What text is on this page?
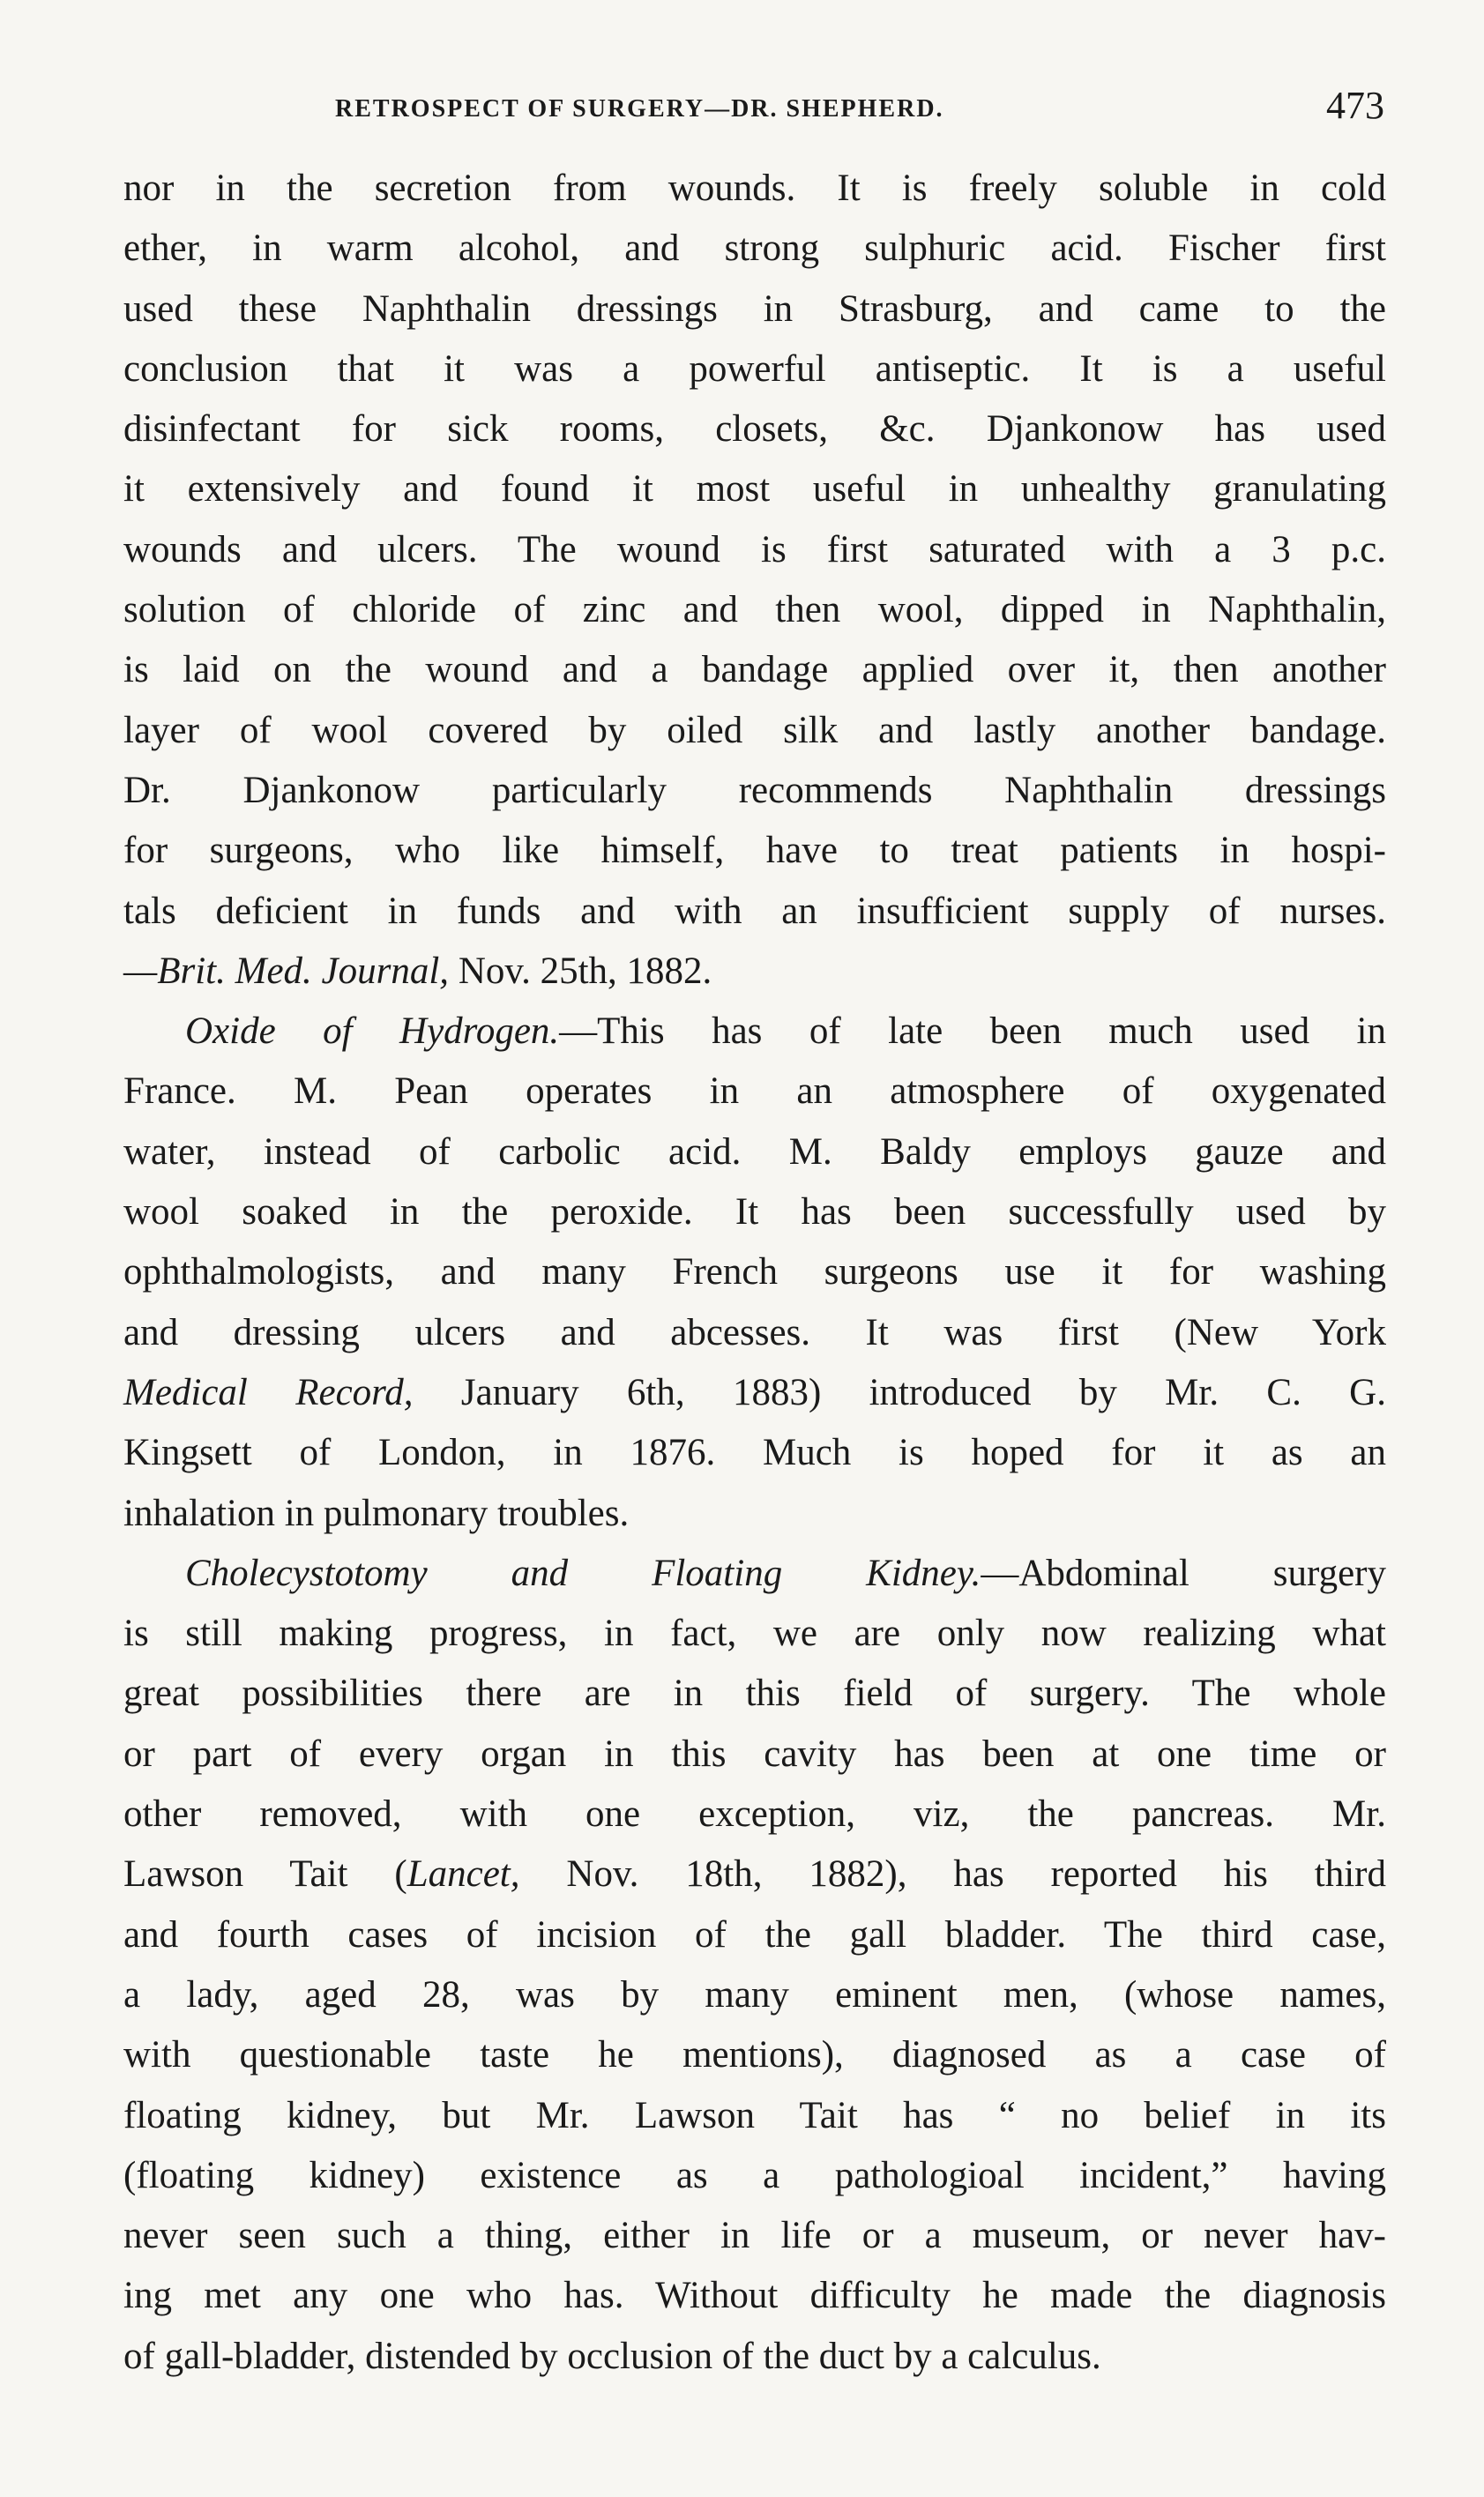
RETROSPECT OF SURGERY—DR. SHEPHERD.	473
nor in the secretion from wounds. It is freely soluble in cold
ether, in warm alcohol, and strong sulphuric acid. Fischer first
used these Naphthalin dressings in Strasburg, and came to the
conclusion that it was a powerful antiseptic. It is a useful
disinfectant for sick rooms, closets, &c. Djankonow has used
it extensively and found it most useful in unhealthy granulating
wounds and ulcers. The wound is first saturated with a 3 p.c.
solution of chloride of zinc and then wool, dipped in Naphthalin,
is laid on the wound and a bandage applied over it, then another
layer of wool covered by oiled silk and lastly another bandage.
Dr. Djankonow particularly recommends Naphthalin dressings
for surgeons, who like himself, have to treat patients in hospi-
tals deficient in funds and with an insufficient supply of nurses.
—Brit. Med. Journal, Nov. 25th, 1882.
Oxide of Hydrogen.—This has of late been much used in
France. M. Pean operates in an atmosphere of oxygenated
water, instead of carbolic acid. M. Baldy employs gauze and
wool soaked in the peroxide. It has been successfully used by
ophthalmologists, and many French surgeons use it for washing
and dressing ulcers and abcesses. It was first (New York
Medical Record, January 6th, 1883) introduced by Mr. C. G.
Kingsett of London, in 1876. Much is hoped for it as an
inhalation in pulmonary troubles.
Cholecystotomy and Floating Kidney.—Abdominal surgery
is still making progress, in fact, we are only now realizing what
great possibilities there are in this field of surgery. The whole
or part of every organ in this cavity has been at one time or
other removed, with one exception, viz, the pancreas. Mr.
Lawson Tait (Lancet, Nov. 18th, 1882), has reported his third
and fourth cases of incision of the gall bladder. The third case,
a lady, aged 28, was by many eminent men, (whose names,
with questionable taste he mentions), diagnosed as a case of
floating kidney, but Mr. Lawson Tait has “ no belief in its
(floating kidney) existence as a pathologioal incident,” having
never seen such a thing, either in life or a museum, or never hav-
ing met any one who has. Without difficulty he made the diagnosis
of gall-bladder, distended by occlusion of the duct by a calculus.
